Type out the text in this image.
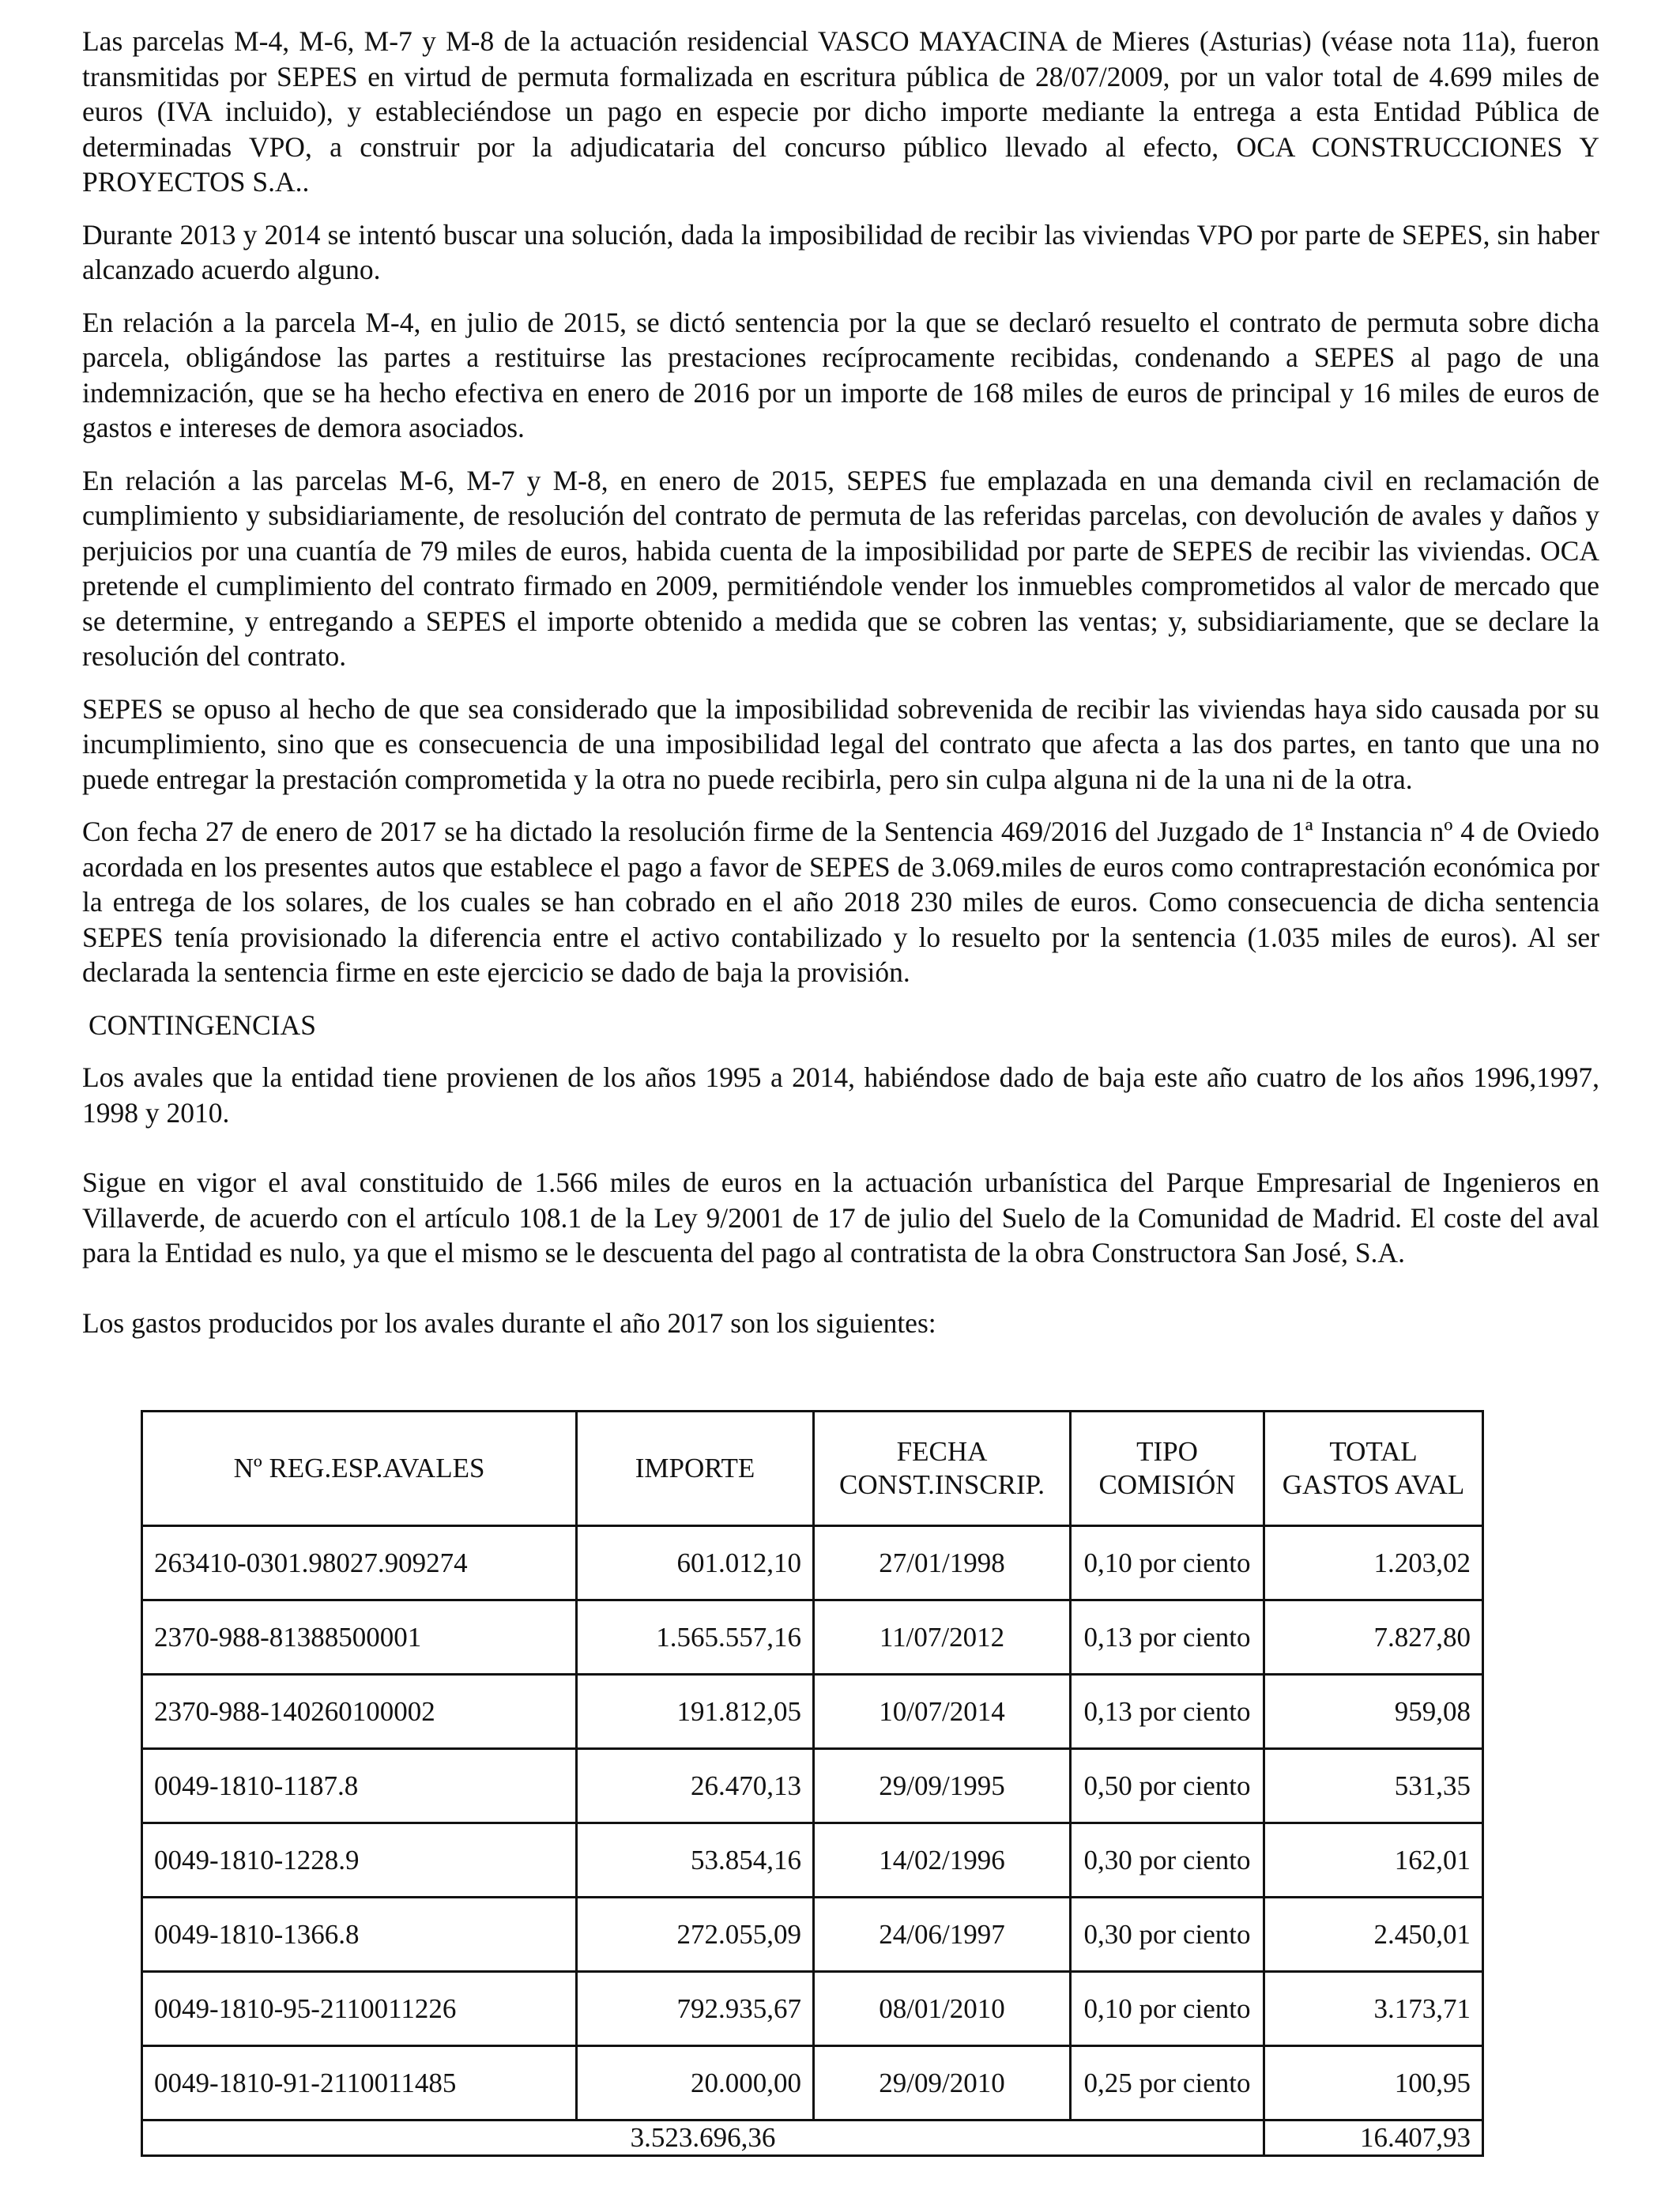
Las parcelas M-4, M-6, M-7 y M-8 de la actuación residencial VASCO MAYACINA de Mieres (Asturias) (véase nota 11a), fueron transmitidas por SEPES en virtud de permuta formalizada en escritura pública de 28/07/2009, por un valor total de 4.699 miles de euros (IVA incluido), y estableciéndose un pago en especie por dicho importe mediante la entrega a esta Entidad Pública de determinadas VPO, a construir por la adjudicataria del concurso público llevado al efecto, OCA CONSTRUCCIONES Y PROYECTOS S.A..

Durante 2013 y 2014 se intentó buscar una solución, dada la imposibilidad de recibir las viviendas VPO por parte de SEPES, sin haber alcanzado acuerdo alguno.

En relación a la parcela M-4, en julio de 2015, se dictó sentencia por la que se declaró resuelto el contrato de permuta sobre dicha parcela, obligándose las partes a restituirse las prestaciones recíprocamente recibidas, condenando a SEPES al pago de una indemnización, que se ha hecho efectiva en enero de 2016 por un importe de 168 miles de euros de principal y 16 miles de euros de gastos e intereses de demora asociados.

En relación a las parcelas M-6, M-7 y M-8, en enero de 2015, SEPES fue emplazada en una demanda civil en reclamación de cumplimiento y subsidiariamente, de resolución del contrato de permuta de las referidas parcelas, con devolución de avales y daños y perjuicios por una cuantía de 79 miles de euros, habida cuenta de la imposibilidad por parte de SEPES de recibir las viviendas. OCA pretende el cumplimiento del contrato firmado en 2009, permitiéndole vender los inmuebles comprometidos al valor de mercado que se determine, y entregando a SEPES el importe obtenido a medida que se cobren las ventas; y, subsidiariamente, que se declare la resolución del contrato.

SEPES se opuso al hecho de que sea considerado que la imposibilidad sobrevenida de recibir las viviendas haya sido causada por su incumplimiento, sino que es consecuencia de una imposibilidad legal del contrato que afecta a las dos partes, en tanto que una no puede entregar la prestación comprometida y la otra no puede recibirla, pero sin culpa alguna ni de la una ni de la otra.

Con fecha 27 de enero de 2017 se ha dictado la resolución firme de la Sentencia 469/2016 del Juzgado de 1ª Instancia nº 4 de Oviedo acordada en los presentes autos que establece el pago a favor de SEPES de 3.069.miles de euros como contraprestación económica por la entrega de los solares, de los cuales se han cobrado en el año 2018 230 miles de euros. Como consecuencia de dicha sentencia SEPES tenía provisionado la diferencia entre el activo contabilizado y lo resuelto por la sentencia (1.035 miles de euros). Al ser declarada la sentencia firme en este ejercicio se dado de baja la provisión.

CONTINGENCIAS

Los avales que la entidad tiene provienen de los años 1995 a 2014, habiéndose dado de baja este año cuatro de los años 1996,1997, 1998 y 2010.

Sigue en vigor el aval constituido de 1.566 miles de euros en la actuación urbanística del Parque Empresarial de Ingenieros en Villaverde, de acuerdo con el artículo 108.1 de la Ley 9/2001 de 17 de julio del Suelo de la Comunidad de Madrid. El coste del aval para la Entidad es nulo, ya que el mismo se le descuenta del pago al contratista de la obra Constructora San José, S.A.

Los gastos producidos por los avales durante el año 2017 son los siguientes:

Nº REG.ESP.AVALES	IMPORTE	FECHA CONST.INSCRIP.	TIPO COMISIÓN	TOTAL GASTOS AVAL
263410-0301.98027.909274	601.012,10	27/01/1998	0,10 por ciento	1.203,02
2370-988-81388500001	1.565.557,16	11/07/2012	0,13 por ciento	7.827,80
2370-988-140260100002	191.812,05	10/07/2014	0,13 por ciento	959,08
0049-1810-1187.8	26.470,13	29/09/1995	0,50 por ciento	531,35
0049-1810-1228.9	53.854,16	14/02/1996	0,30 por ciento	162,01
0049-1810-1366.8	272.055,09	24/06/1997	0,30 por ciento	2.450,01
0049-1810-95-2110011226	792.935,67	08/01/2010	0,10 por ciento	3.173,71
0049-1810-91-2110011485	20.000,00	29/09/2010	0,25 por ciento	100,95
3.523.696,36				16.407,93
